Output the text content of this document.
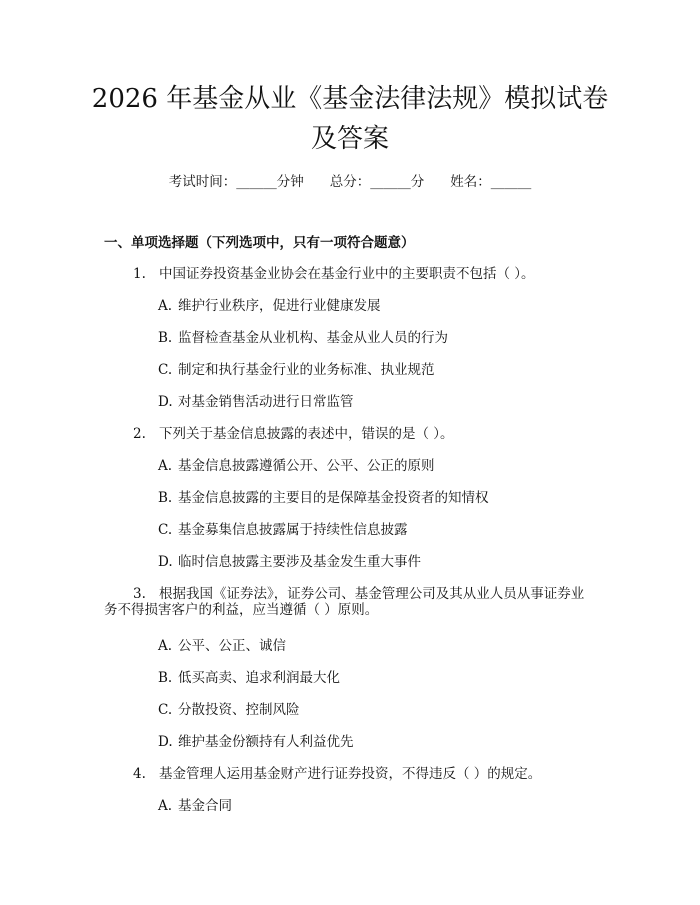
2026 年基金从业《基金法律法规》模拟试卷
及答案
考试时间：______分钟 总分：______分 姓名：______
一、单项选择题（下列选项中，只有一项符合题意）
1. 中国证券投资基金业协会在基金行业中的主要职责不包括（ ）。
A. 维护行业秩序，促进行业健康发展
B. 监督检查基金从业机构、基金从业人员的行为
C. 制定和执行基金行业的业务标准、执业规范
D. 对基金销售活动进行日常监管
2. 下列关于基金信息披露的表述中，错误的是（ ）。
A. 基金信息披露遵循公开、公平、公正的原则
B. 基金信息披露的主要目的是保障基金投资者的知情权
C. 基金募集信息披露属于持续性信息披露
D. 临时信息披露主要涉及基金发生重大事件
3. 根据我国《证券法》，证券公司、基金管理公司及其从业人员从事证券业
务不得损害客户的利益，应当遵循（ ）原则。
A. 公平、公正、诚信
B. 低买高卖、追求利润最大化
C. 分散投资、控制风险
D. 维护基金份额持有人利益优先
4. 基金管理人运用基金财产进行证券投资，不得违反（ ）的规定。
A. 基金合同
